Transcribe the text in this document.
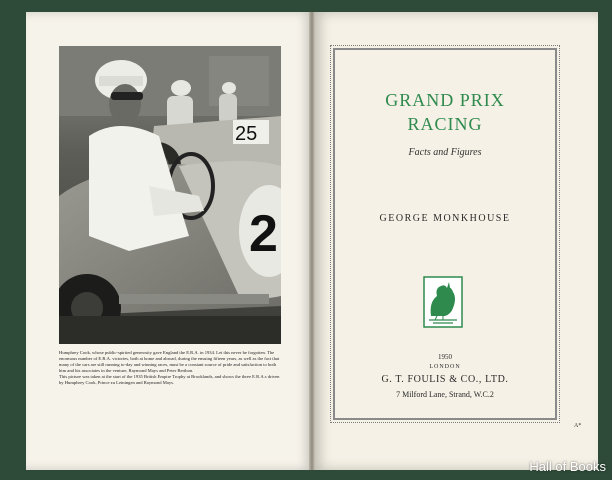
25
2

Humphrey Cook, whose public-spirited generosity gave England the E.R.A. in 1934. Let this never be forgotten. The enormous number of E.R.A. victories, both at home and abroad, during the ensuing fifteen years, as well as the fact that many of the cars are still running to-day and winning races, must be a constant source of pride and satisfaction to both him and his associates in the venture, Raymond Mays and Peter Berthon.

This picture was taken at the start of the 1935 British Empire Trophy at Brooklands, and shows the three E.R.A.s driven by Humphrey Cook, Prince zu Leiningen and Raymond Mays.

GRAND PRIX
RACING
Facts and Figures
GEORGE MONKHOUSE
1950
LONDON
G. T. FOULIS & CO., LTD.
7 Milford Lane, Strand, W.C.2
A*
Hall of Books
